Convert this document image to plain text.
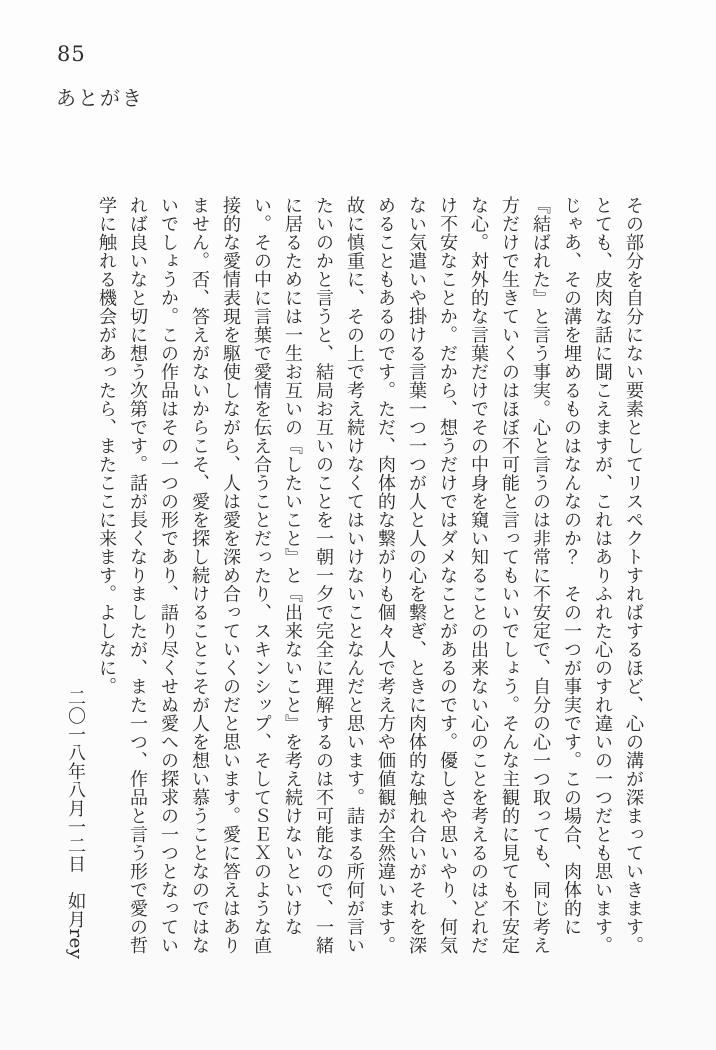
85
あとがき
その部分を自分にない要素としてリスペクトすればするほど、心の溝が深まっていきます。
とても、皮肉な話に聞こえますが、これはありふれた心のすれ違いの一つだとも思います。
じゃあ、その溝を埋めるものはなんなのか？　その一つが事実です。この場合、肉体的に
『結ばれた』と言う事実。心と言うのは非常に不安定で、自分の心一つ取っても、同じ考え
方だけで生きていくのはほぼ不可能と言ってもいいでしょう。そんな主観的に見ても不安定
な心。対外的な言葉だけでその中身を窺い知ることの出来ない心のことを考えるのはどれだ
け不安なことか。だから、想うだけではダメなことがあるのです。優しさや思いやり、何気
ない気遣いや掛ける言葉一つ一つが人と人の心を繋ぎ、ときに肉体的な触れ合いがそれを深
めることもあるのです。ただ、肉体的な繋がりも個々人で考え方や価値観が全然違います。
故に慎重に、その上で考え続けなくてはいけないことなんだと思います。詰まる所何が言い
たいのかと言うと、結局お互いのことを一朝一夕で完全に理解するのは不可能なので、一緒
に居るためには一生お互いの『したいこと』と『出来ないこと』を考え続けないといけな
い。その中に言葉で愛情を伝え合うことだったり、スキンシップ、そしてＳＥＸのような直
接的な愛情表現を駆使しながら、人は愛を深め合っていくのだと思います。愛に答えはあり
ません。否、答えがないからこそ、愛を探し続けることこそが人を想い慕うことなのではな
いでしょうか。この作品はその一つの形であり、語り尽くせぬ愛への探求の一つとなってい
れば良いなと切に想う次第です。話が長くなりましたが、また一つ、作品と言う形で愛の哲
学に触れる機会があったら、またここに来ます。よしなに。
二〇一八年八月一二日　如月rey
